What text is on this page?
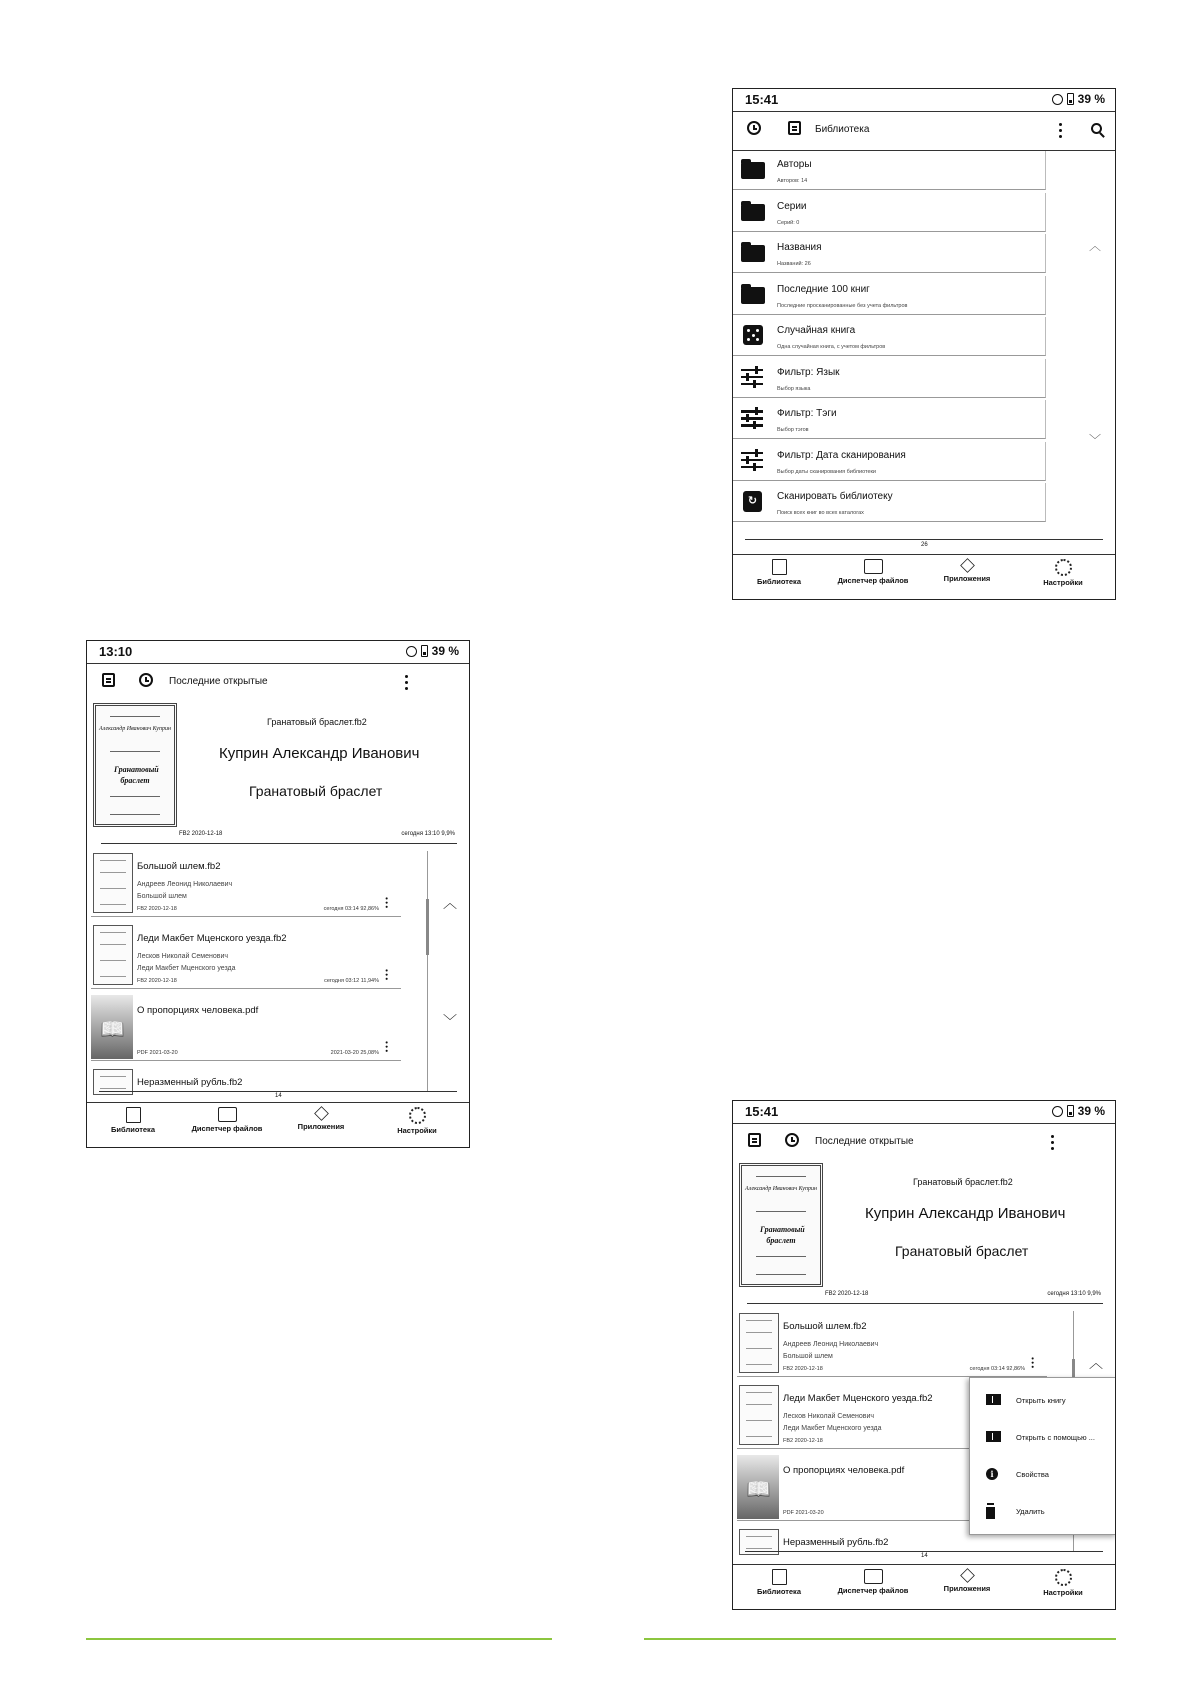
15:41	39 %
Библиотека
Авторы
Авторов: 14
Серии
Серий: 0
Названия
Названий: 26
Последние 100 книг
Последние просканированные без учета фильтров
Случайная книга
Одна случайная книга, с учетом фильтров
Фильтр: Язык
Выбор языка
Фильтр: Тэги
Выбор тэгов
Фильтр: Дата сканирования
Выбор даты сканирования библиотеки
↻	Сканировать библиотеку
Поиск всех книг во всех каталогах
︿
﹀
26
Библиотека	Диспетчер файлов	Приложения	Настройки
13:10	39 %
Последние открытые
Александр Иванович Куприн
Гранатовый браслет
Гранатовый браслет.fb2
Куприн Александр Иванович
Гранатовый браслет
FB2 2020-12-18	сегодня 13:10 9,9%
Большой шлем.fb2
Андреев Леонид Николаевич
Большой шлем
FB2 2020-12-18	сегодня 03:14 92,86%
Леди Макбет Мценского уезда.fb2
Лесков Николай Семенович
Леди Макбет Мценского уезда
FB2 2020-12-18	сегодня 03:12 11,94%
📖
О пропорциях человека.pdf
PDF 2021-03-20	2021-03-20 25,08%
Неразменный рубль.fb2
︿
﹀
14
Библиотека	Диспетчер файлов	Приложения	Настройки
15:41	39 %
Последние открытые
Александр Иванович Куприн
Гранатовый браслет
Гранатовый браслет.fb2
Куприн Александр Иванович
Гранатовый браслет
FB2 2020-12-18	сегодня 13:10 9,9%
Большой шлем.fb2
Андреев Леонид Николаевич
Большой шлем
FB2 2020-12-18	сегодня 03:14 92,86%
Леди Макбет Мценского уезда.fb2
Лесков Николай Семенович
Леди Макбет Мценского уезда
FB2 2020-12-18
📖
О пропорциях человека.pdf
PDF 2021-03-20
Неразменный рубль.fb2
︿
Открыть книгу
Открыть с помощью ...
i	Свойства
Удалить
14
Библиотека	Диспетчер файлов	Приложения	Настройки
